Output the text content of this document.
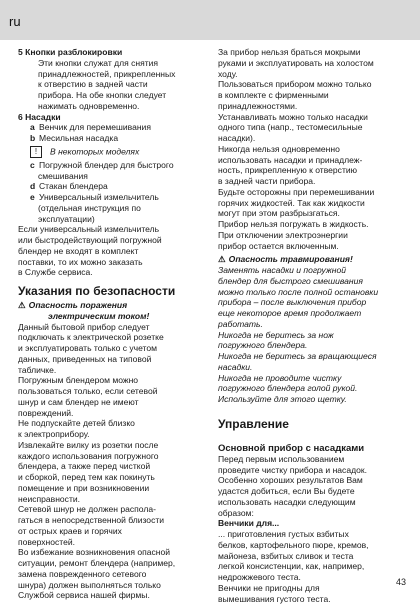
ru

5 Кнопки разблокировки

Эти кнопки служат для снятия

принадлежностей, прикрепленных

к отверстию в задней части

прибора. На обе кнопки следует

нажимать одновременно.

6 Насадки

a Венчик для перемешивания

b Месильная насадка

! В некоторых моделях

c Погружной блендер для быстрого

смешивания

d Стакан блендера

e Универсальный измельчитель

(отдельная инструкция по

эксплуатации)

Если универсальный измельчитель

или быстродействующий погружной

блендер не входят в комплект

поставки, то их можно заказать

в Службе сервиса.

Указания по безопасности

⚠ Опасность поражения

электрическим током!

Данный бытовой прибор следует

подключать к электрической розетке

и эксплуатировать только с учетом

данных, приведенных на типовой

табличке.

Погружным блендером можно

пользоваться только, если сетевой

шнур и сам блендер не имеют

повреждений.

Не подпускайте детей близко

к электроприбору.

Извлекайте вилку из розетки после

каждого использования погружного

блендера, а также перед чисткой

и сборкой, перед тем как покинуть

помещение и при возникновении

неисправности.

Сетевой шнур не должен распола-

гаться в непосредственной близости

от острых краев и горячих

поверхностей.

Во избежание возникновения опасной

ситуации, ремонт блендера (например,

замена поврежденного сетевого

шнура) должен выполняться только

Службой сервиса нашей фирмы.

За прибор нельзя браться мокрыми

руками и эксплуатировать на холостом

ходу.

Пользоваться прибором можно только

в комплекте с фирменными

принадлежностями.

Устанавливать можно только насадки

одного типа (напр., тестомесильные

насадки).

Никогда нельзя одновременно

использовать насадки и принадлеж-

ность, прикрепленную к отверстию

в задней части прибора.

Будьте осторожны при перемешивании

горячих жидкостей. Так как жидкости

могут при этом разбрызгаться.

Прибор нельзя погружать в жидкость.

При отключении электроэнергии

прибор остается включенным.

⚠ Опасность травмирования!

Заменять насадки и погружной

блендер для быстрого смешивания

можно только после полной остановки

прибора – после выключения прибор

еще некоторое время продолжает

работать.

Никогда не беритесь за нож

погружного блендера.

Никогда не беритесь за вращающиеся

насадки.

Никогда не проводите чистку

погружного блендера голой рукой.

Используйте для этого щетку.

Управление

Основной прибор с насадками

Перед первым использованием

проведите чистку прибора и насадок.

Особенно хороших результатов Вам

удастся добиться, если Вы будете

использовать насадки следующим

образом:

Венчики для...

... приготовления густых взбитых

белков, картофельного пюре, кремов,

майонеза, взбитых сливок и теста

легкой консистенции, как, например,

недрожжевого теста.

Венчики не пригодны для

вымешивания густого теста.

43
